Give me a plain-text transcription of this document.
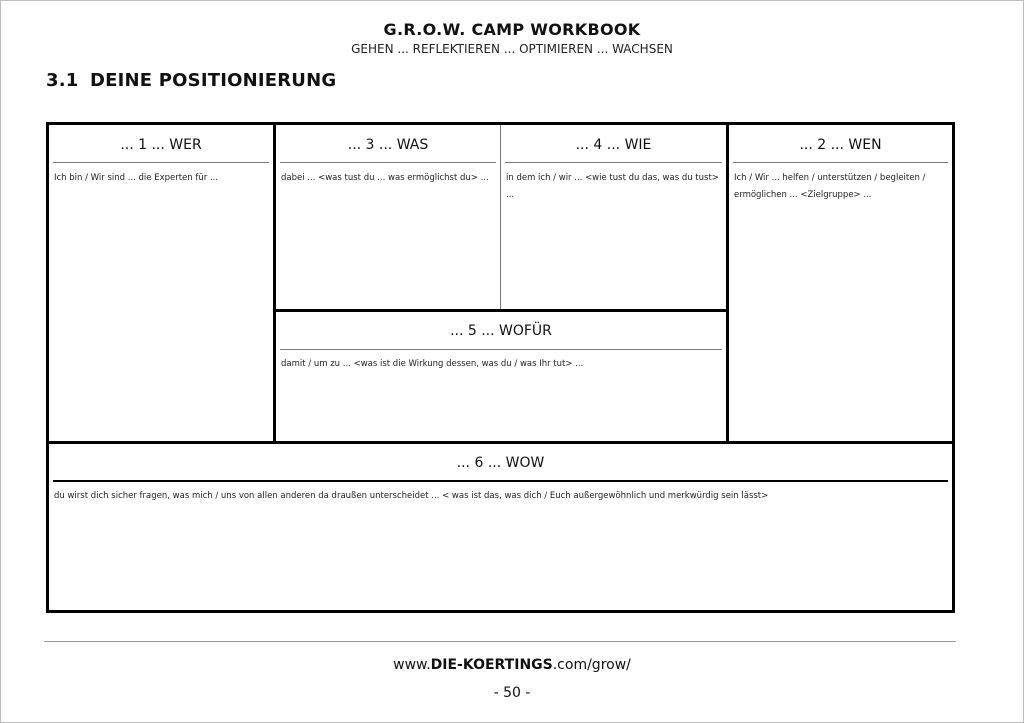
G.R.O.W. CAMP WORKBOOK
GEHEN ... REFLEKTIEREN ... OPTIMIEREN ... WACHSEN
3.1 DEINE POSITIONIERUNG
... 1 ... WER
Ich bin / Wir sind ... die Experten für ...
... 3 ... WAS
dabei ... <was tust du ... was ermöglichst du> ...
... 4 ... WIE
in dem ich / wir ... <wie tust du das, was du tust> ...
... 2 ... WEN
Ich / Wir ... helfen / unterstützen / begleiten / ermöglichen ... <Zielgruppe> ...
... 5 ... WOFÜR
damit / um zu ... <was ist die Wirkung dessen, was du / was Ihr tut> ...
... 6 ... WOW
du wirst dich sicher fragen, was mich / uns von allen anderen da draußen unterscheidet ... < was ist das, was dich / Euch außergewöhnlich und merkwürdig sein lässt>
www.DIE-KOERTINGS.com/grow/
- 50 -
